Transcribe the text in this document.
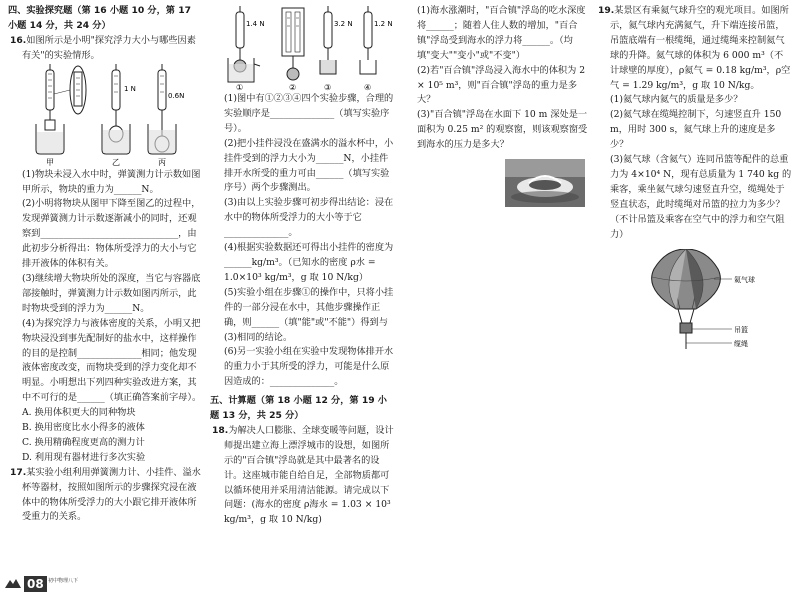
四、实验探究题（第 16 小题 10 分，第 17 小题 14 分，共 24 分）

16.如图所示是小明"探究浮力大小与哪些因素有关"的实验情形。

1 N
0.6N
甲	乙	丙

(1)物块未浸入水中时，弹簧测力计示数如图甲所示，物块的重力为______N。

(2)小明将物块从图甲下降至图乙的过程中，发现弹簧测力计示数逐渐减小的同时，还观察到______________________________，由此初步分析得出：物体所受浮力的大小与它排开液体的体积有关。

(3)继续增大物块所处的深度，当它与容器底部接触时，弹簧测力计示数如图丙所示，此时物块受到的浮力为______N。

(4)为探究浮力与液体密度的关系，小明又把物块浸没到事先配制好的盐水中，这样操作的目的是控制______________相同；他发现液体密度改变，而物块受到的浮力变化却不明显。小明想出下列四种实验改进方案，其中不可行的是______（填正确答案前字母）。

A. 换用体积更大的同种物块

B. 换用密度比水小得多的液体

C. 换用精确程度更高的测力计

D. 利用现有器材进行多次实验

17.某实验小组利用弹簧测力计、小挂件、溢水杯等器材，按照如图所示的步骤探究浸在液体中的物体所受浮力的大小跟它排开液体所受重力的关系。

1.4 N	3.2 N	1.2 N
①	②	③	④

(1)图中有①②③④四个实验步骤，合理的实验顺序是______________（填写实验序号）。

(2)把小挂件浸没在盛满水的溢水杯中，小挂件受到的浮力大小为______N，小挂件排开水所受的重力可由______（填写实验序号）两个步骤测出。

(3)由以上实验步骤可初步得出结论：浸在水中的物体所受浮力的大小等于它______________。

(4)根据实验数据还可得出小挂件的密度为______kg/m³。（已知水的密度 ρ水 = 1.0×10³ kg/m³，g 取 10 N/kg）

(5)实验小组在步骤①的操作中，只将小挂件的一部分浸在水中，其他步骤操作正确，则______（填"能"或"不能"）得到与(3)相同的结论。

(6)另一实验小组在实验中发现物体排开水的重力小于其所受的浮力，可能是什么原因造成的：______________。

五、计算题（第 18 小题 12 分，第 19 小题 13 分，共 25 分）

18.为解决人口膨胀、全球变暖等问题，设计师提出建立海上漂浮城市的设想，如图所示的"百合镇"浮岛就是其中最著名的设计。这座城市能自给自足，全部物质都可以循环使用并采用清洁能源。请完成以下问题：(海水的密度 ρ海水 = 1.03 × 10³ kg/m³，g 取 10 N/kg)

(1)海水涨潮时，"百合镇"浮岛的吃水深度将______；随着人住人数的增加，"百合镇"浮岛受到海水的浮力将______。（均填"变大""变小"或"不变"）

(2)若"百合镇"浮岛浸入海水中的体积为 2 × 10⁵ m³，则"百合镇"浮岛的重力是多大？

(3)"百合镇"浮岛在水面下 10 m 深处是一面积为 0.25 m² 的观察窗，则该观察窗受到海水的压力是多大？

19.某景区有乘氦气球升空的观光项目。如图所示，氦气球内充满氦气，升下端连接吊篮，吊篮底端有一根缆绳，通过缆绳来控制氦气球的升降。氦气球的体积为 6 000 m³（不计球壁的厚度），ρ氦气 = 0.18 kg/m³，ρ空气 = 1.29 kg/m³，g 取 10 N/kg。

(1)氦气球内氦气的质量是多少？

(2)氦气球在缆绳控制下，匀速竖直升 150 m，用时 300 s，氦气球上升的速度是多少？

(3)氦气球（含氦气）连同吊篮等配件的总重力为 4×10⁴ N，现有总质量为 1 740 kg 的乘客，乘坐氦气球匀速竖直升空，缆绳处于竖直状态，此时缆绳对吊篮的拉力为多少？（不计吊篮及乘客在空气中的浮力和空气阻力）

氦气球
吊篮
缆绳
08 初中物理八下
